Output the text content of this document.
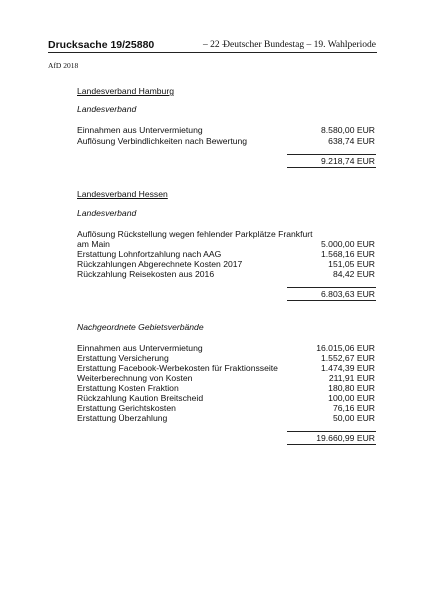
Drucksache 19/25880	– 22 –
Deutscher Bundestag – 19. Wahlperiode
AfD 2018
Landesverband Hamburg
Landesverband
Einnahmen aus Untervermietung	8.580,00 EUR
Auflösung Verbindlichkeiten nach Bewertung	638,74 EUR
9.218,74 EUR
Landesverband Hessen
Landesverband
Auflösung Rückstellung wegen fehlender Parkplätze Frankfurt
am Main	5.000,00 EUR
Erstattung Lohnfortzahlung nach AAG	1.568,16 EUR
Rückzahlungen Abgerechnete Kosten 2017	151,05 EUR
Rückzahlung Reisekosten aus 2016	84,42 EUR
6.803,63 EUR
Nachgeordnete Gebietsverbände
Einnahmen aus Untervermietung	16.015,06 EUR
Erstattung Versicherung	1.552,67 EUR
Erstattung Facebook-Werbekosten für Fraktionsseite	1.474,39 EUR
Weiterberechnung von Kosten	211,91 EUR
Erstattung Kosten Fraktion	180,80 EUR
Rückzahlung Kaution Breitscheid	100,00 EUR
Erstattung Gerichtskosten	76,16 EUR
Erstattung Überzahlung	50,00 EUR
19.660,99 EUR
